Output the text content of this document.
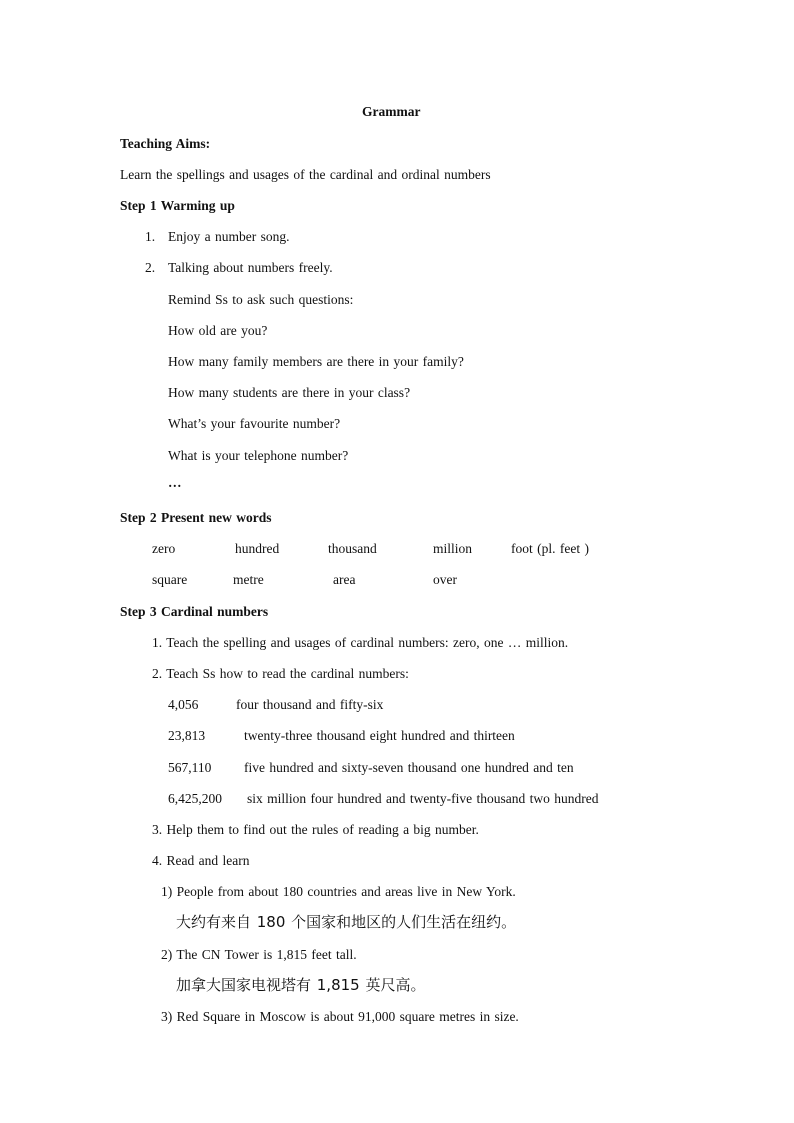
Grammar
Teaching Aims:
Learn the spellings and usages of the cardinal and ordinal numbers
Step 1 Warming up
1. Enjoy a number song.
2. Talking about numbers freely.
Remind Ss to ask such questions:
How old are you?
How many family members are there in your family?
How many students are there in your class?
What’s your favourite number?
What is your telephone number?
…
Step 2 Present new words
zero	hundred	thousand	million	foot (pl. feet )
square	metre	area	over
Step 3 Cardinal numbers
1. Teach the spelling and usages of cardinal numbers: zero, one … million.
2. Teach Ss how to read the cardinal numbers:
4,056	four thousand and fifty-six
23,813	twenty-three thousand eight hundred and thirteen
567,110 five hundred and sixty-seven thousand one hundred and ten
6,425,200 six million four hundred and twenty-five thousand two hundred
3. Help them to find out the rules of reading a big number.
4. Read and learn
1) People from about 180 countries and areas live in New York.
大约有来自 180 个国家和地区的人们生活在纽约。
2) The CN Tower is 1,815 feet tall.
加拿大国家电视塔有 1,815 英尺高。
3) Red Square in Moscow is about 91,000 square metres in size.
